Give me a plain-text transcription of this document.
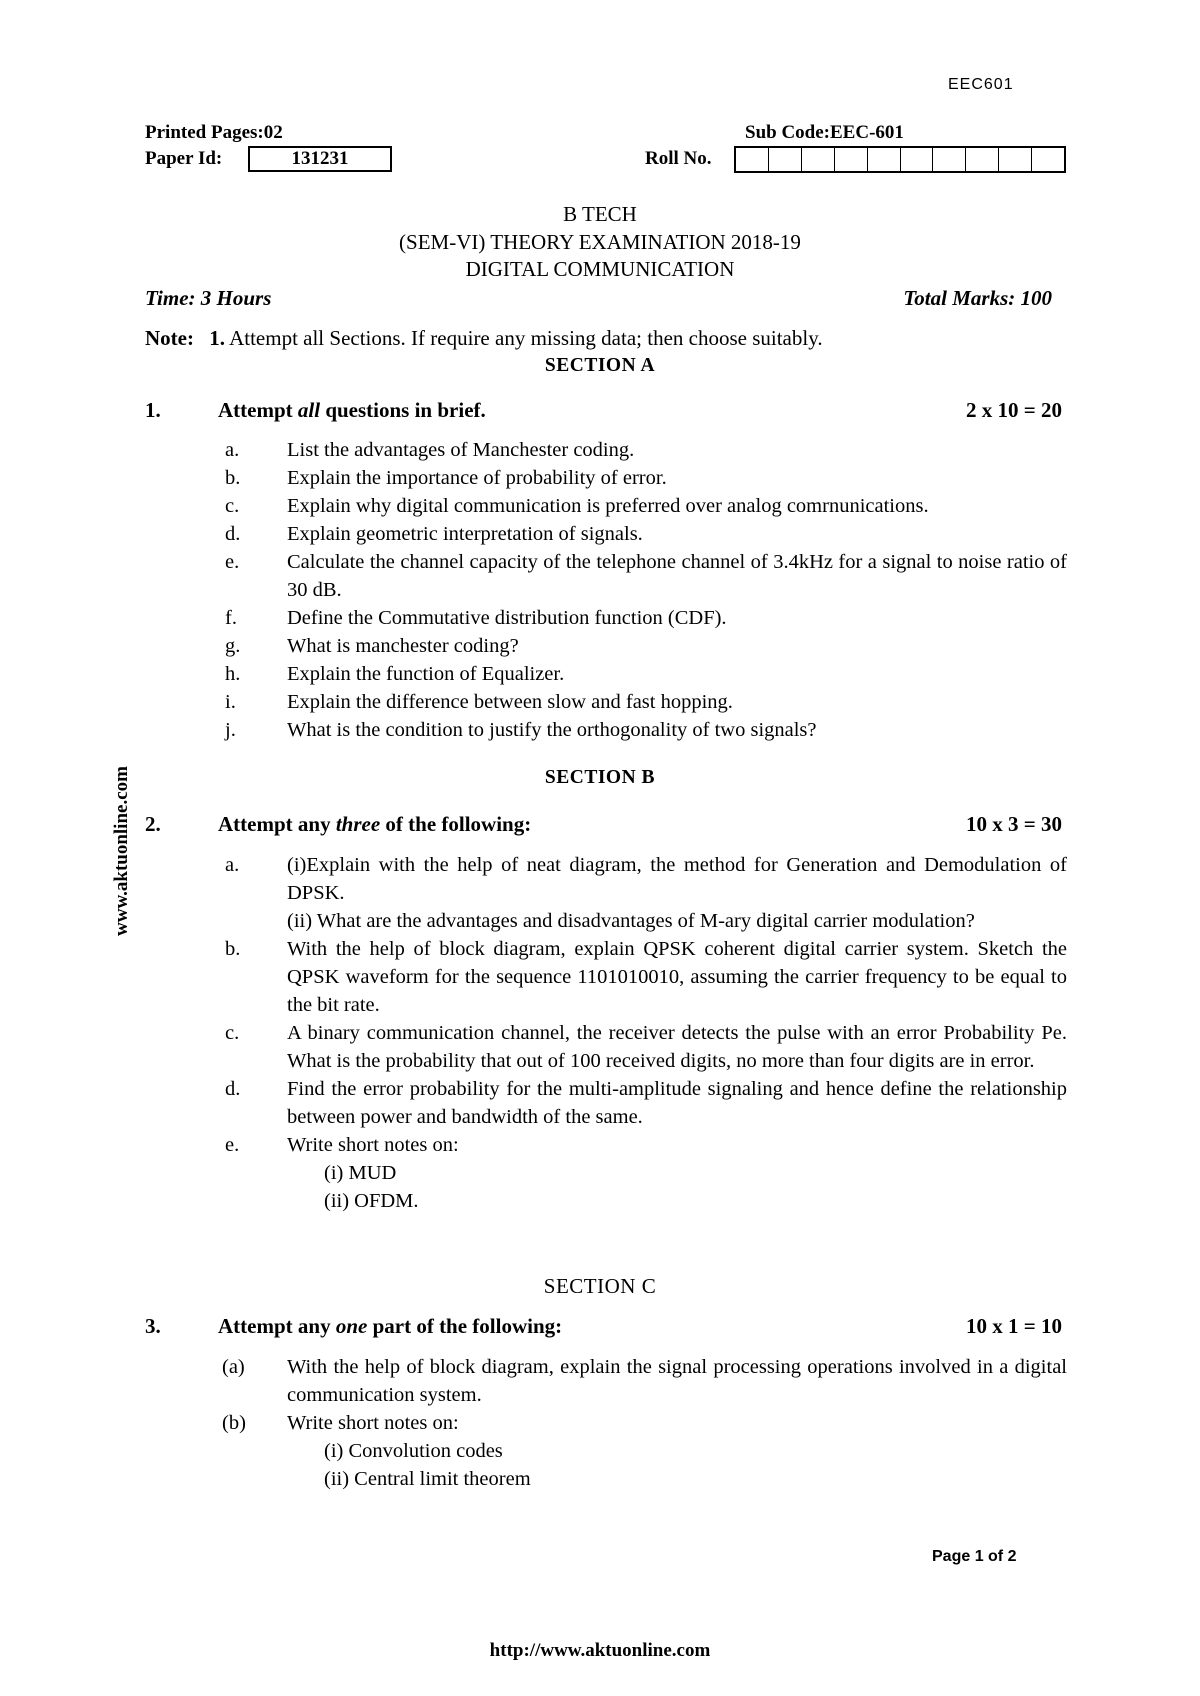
EEC601
Printed Pages:02	Sub Code:EEC-601
Paper Id:	131231	Roll No.
B TECH
(SEM-VI) THEORY EXAMINATION 2018-19
DIGITAL COMMUNICATION
Time: 3 Hours	Total Marks: 100
Note: 1. Attempt all Sections. If require any missing data; then choose suitably.
SECTION A
1.	Attempt all questions in brief.	2 x 10 = 20
a. List the advantages of Manchester coding.
b. Explain the importance of probability of error.
c. Explain why digital communication is preferred over analog comrnunications.
d. Explain geometric interpretation of signals.
e. Calculate the channel capacity of the telephone channel of 3.4kHz for a signal to noise ratio of 30 dB.
f. Define the Commutative distribution function (CDF).
g. What is manchester coding?
h. Explain the function of Equalizer.
i. Explain the difference between slow and fast hopping.
j. What is the condition to justify the orthogonality of two signals?
SECTION B
2.	Attempt any three of the following:	10 x 3 = 30
a. (i)Explain with the help of neat diagram, the method for Generation and Demodulation of DPSK.
(ii) What are the advantages and disadvantages of M-ary digital carrier modulation?
b. With the help of block diagram, explain QPSK coherent digital carrier system. Sketch the QPSK waveform for the sequence 1101010010, assuming the carrier frequency to be equal to the bit rate.
c. A binary communication channel, the receiver detects the pulse with an error Probability Pe. What is the probability that out of 100 received digits, no more than four digits are in error.
d. Find the error probability for the multi-amplitude signaling and hence define the relationship between power and bandwidth of the same.
e. Write short notes on:
(i) MUD
(ii) OFDM.
SECTION C
3.	Attempt any one part of the following:	10 x 1 = 10
(a) With the help of block diagram, explain the signal processing operations involved in a digital communication system.
(b) Write short notes on:
(i) Convolution codes
(ii) Central limit theorem
Page 1 of 2
http://www.aktuonline.com
www.aktuonline.com
